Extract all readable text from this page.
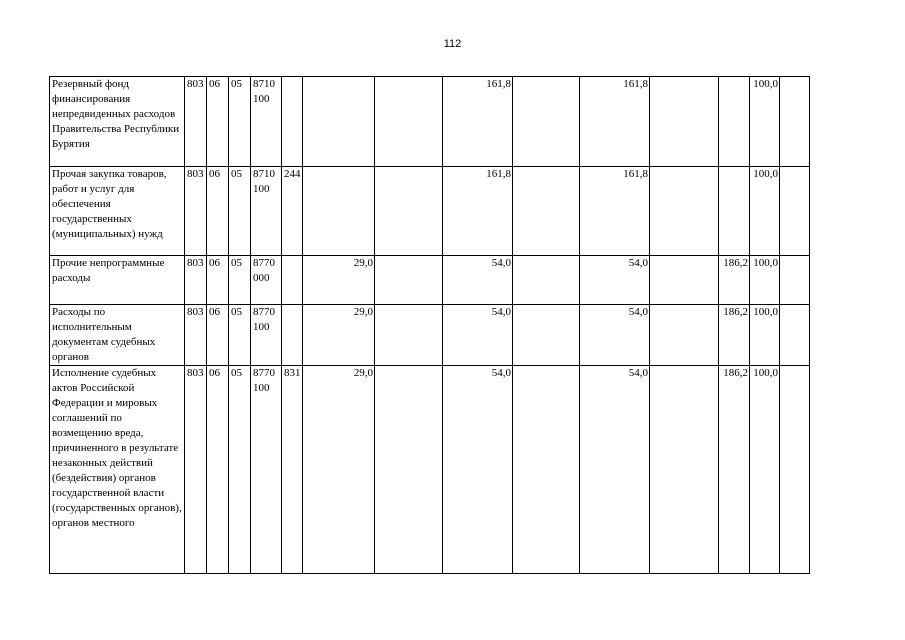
112
Резервный фонд финансирования непредвиденных расходов Правительства Республики Бурятия	803	06	05	8710 100				161,8		161,8			100,0	
Прочая закупка товаров, работ и услуг для обеспечения государственных (муниципальных) нужд	803	06	05	8710 100	244			161,8		161,8			100,0	
Прочие непрограммные расходы	803	06	05	8770 000		29,0		54,0		54,0		186,2	100,0	
Расходы по исполнительным документам судебных органов	803	06	05	8770 100		29,0		54,0		54,0		186,2	100,0	
Исполнение судебных актов Российской Федерации и мировых соглашений по возмещению вреда, причиненного в результате незаконных действий (бездействия) органов государственной власти (государственных органов), органов местного	803	06	05	8770 100	831	29,0		54,0		54,0		186,2	100,0	
